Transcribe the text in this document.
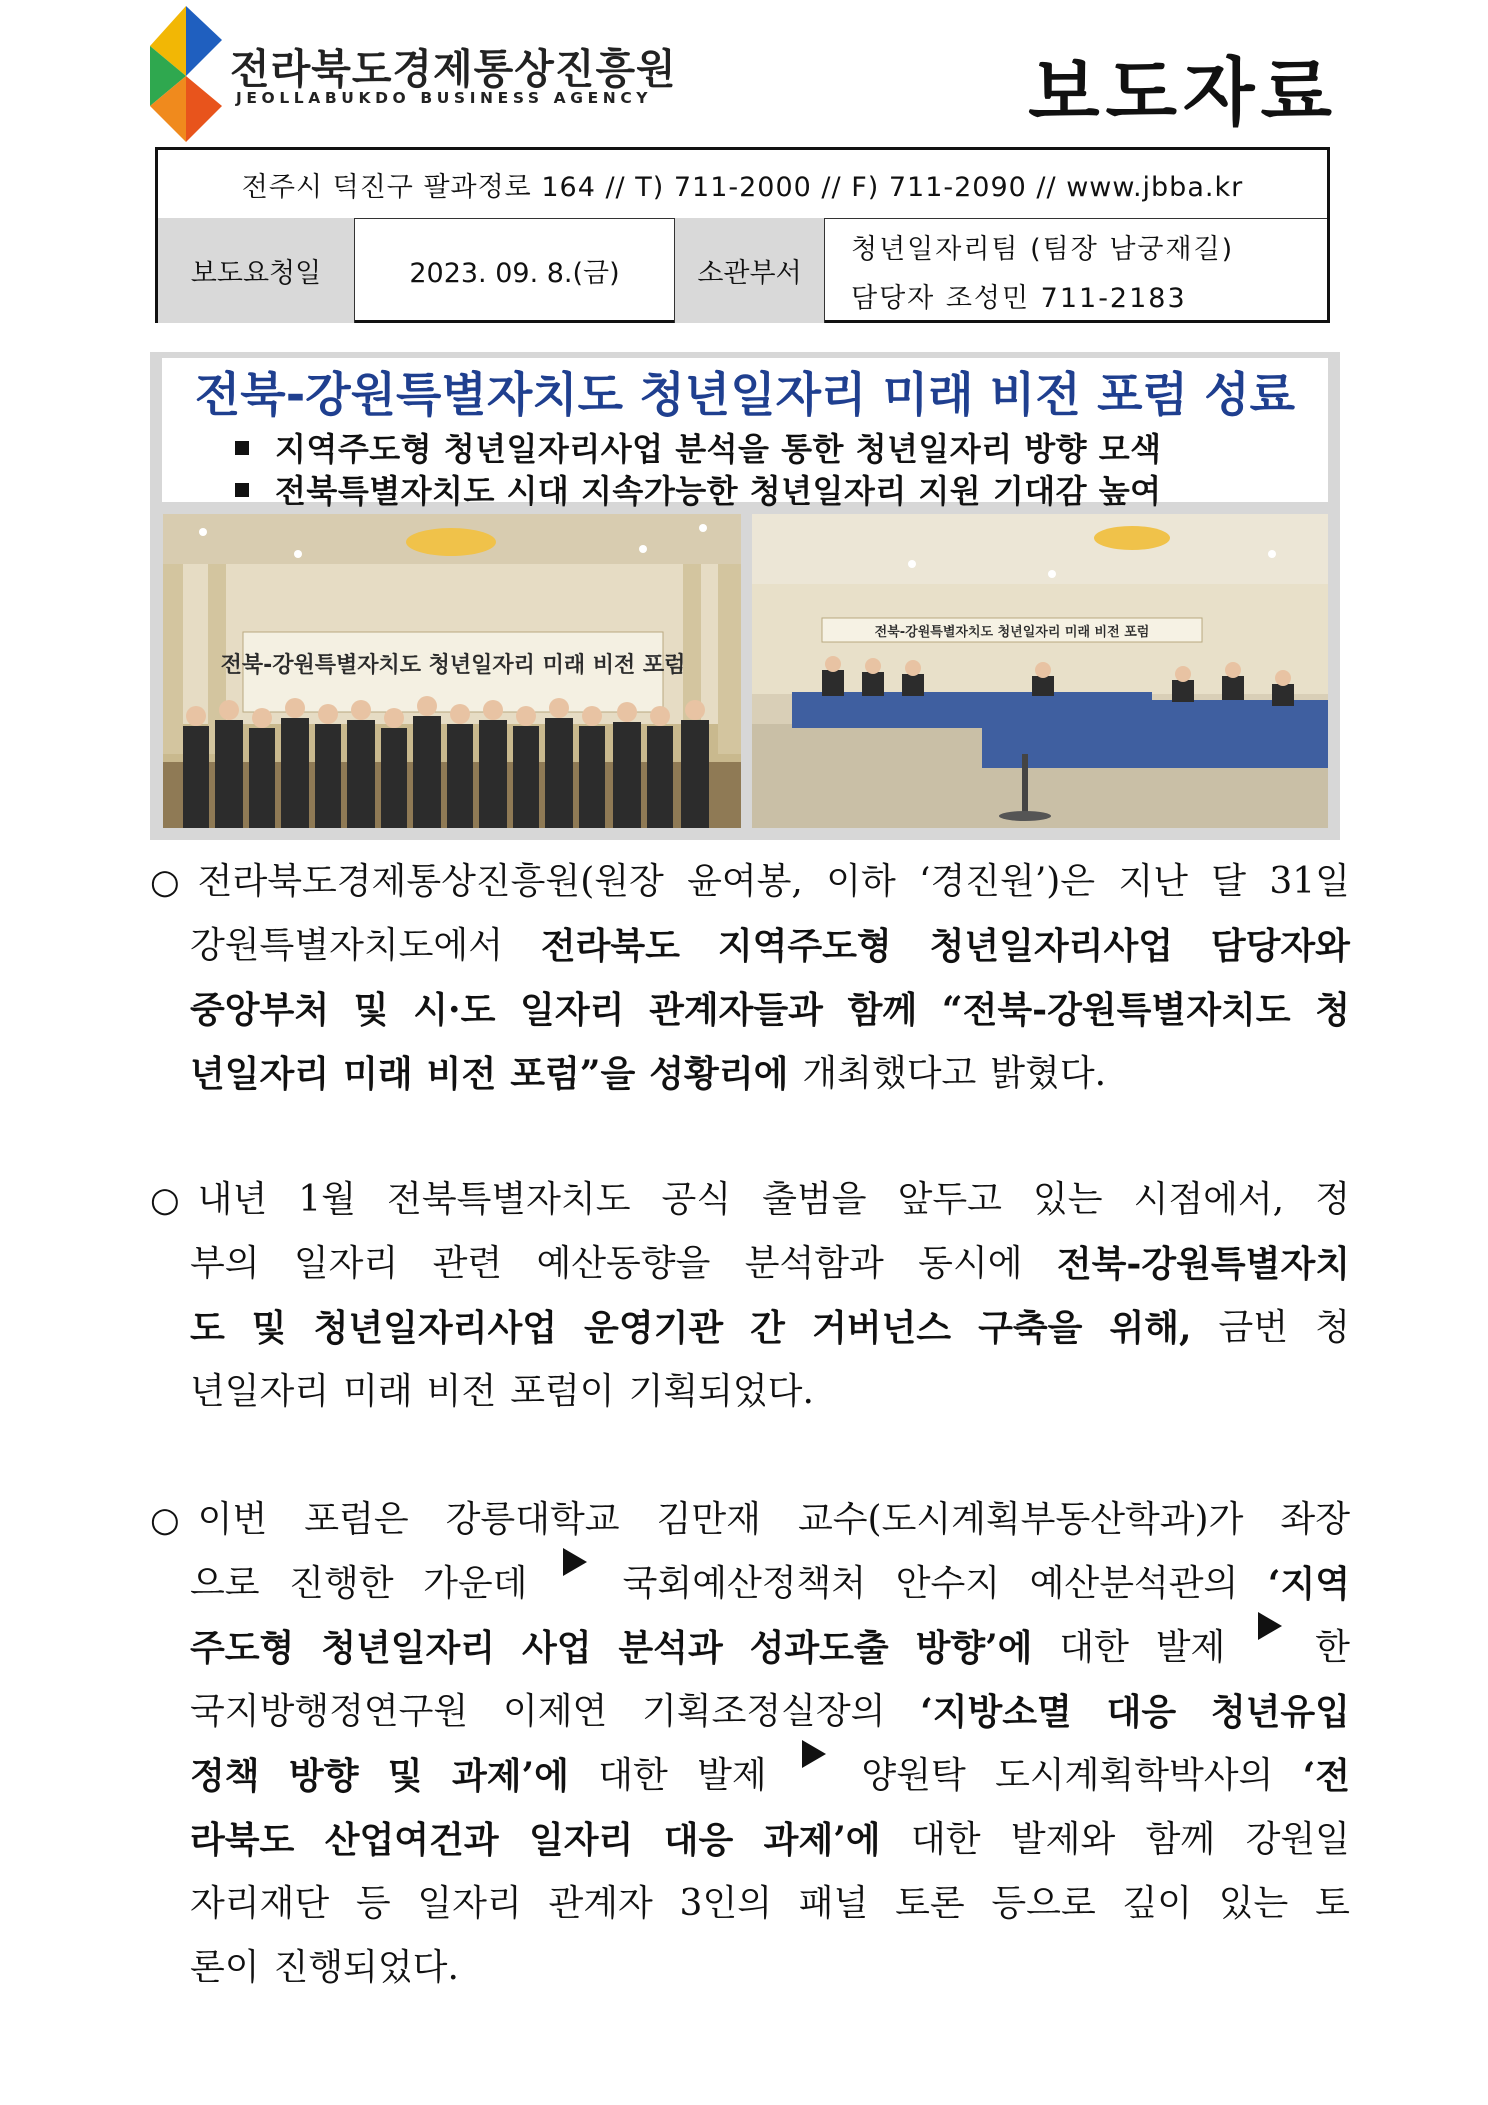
전라북도경제통상진흥원
JEOLLABUKDO BUSINESS AGENCY	보도자료
전주시 덕진구 팔과정로 164 // T) 711-2000 // F) 711-2090 // www.jbba.kr
보도요청일	2023. 09. 8.(금)	소관부서
청년일자리팀 (팀장 남궁재길)
담당자 조성민 711-2183
전북-강원특별자치도 청년일자리 미래 비전 포럼 성료
지역주도형 청년일자리사업 분석을 통한 청년일자리 방향 모색
전북특별자치도 시대 지속가능한 청년일자리 지원 기대감 높여
전북-강원특별자치도 청년일자리 미래 비전 포럼
전북-강원특별자치도 청년일자리 미래 비전 포럼
○ 전라북도경제통상진흥원(원장 윤여봉, 이하 ‘경진원’)은 지난 달 31일
강원특별자치도에서 전라북도 지역주도형 청년일자리사업 담당자와
중앙부처 및 시·도 일자리 관계자들과 함께 “전북-강원특별자치도 청
년일자리 미래 비전 포럼”을 성황리에 개최했다고 밝혔다.
○ 내년 1월 전북특별자치도 공식 출범을 앞두고 있는 시점에서, 정
부의 일자리 관련 예산동향을 분석함과 동시에 전북-강원특별자치
도 및 청년일자리사업 운영기관 간 거버넌스 구축을 위해, 금번 청
년일자리 미래 비전 포럼이 기획되었다.
○ 이번 포럼은 강릉대학교 김만재 교수(도시계획부동산학과)가 좌장
으로 진행한 가운데	국회예산정책처 안수지 예산분석관의 ‘지역
주도형 청년일자리 사업 분석과 성과도출 방향’에 대한 발제 한
국지방행정연구원 이제연 기획조정실장의 ‘지방소멸 대응 청년유입
정책 방향 및 과제’에 대한 발제	양원탁 도시계획학박사의 ‘전
라북도 산업여건과 일자리 대응 과제’에 대한 발제와 함께 강원일
자리재단 등 일자리 관계자 3인의 패널 토론 등으로 깊이 있는 토
론이 진행되었다.
